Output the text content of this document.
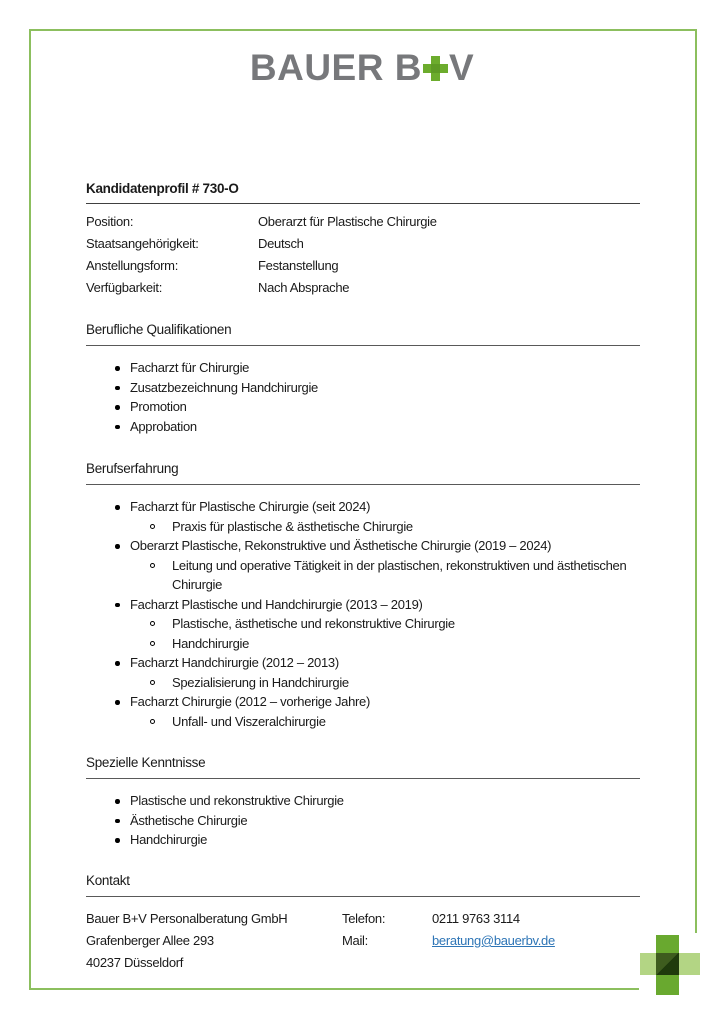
BAUER B V
Kandidatenprofil # 730-O
Position:	Oberarzt für Plastische Chirurgie
Staatsangehörigkeit:	Deutsch
Anstellungsform:	Festanstellung
Verfügbarkeit:	Nach Absprache
Berufliche Qualifikationen
Facharzt für Chirurgie
Zusatzbezeichnung Handchirurgie
Promotion
Approbation
Berufserfahrung
Facharzt für Plastische Chirurgie (seit 2024)
Praxis für plastische & ästhetische Chirurgie
Oberarzt Plastische, Rekonstruktive und Ästhetische Chirurgie (2019 – 2024)
Leitung und operative Tätigkeit in der plastischen, rekonstruktiven und ästhetischen Chirurgie
Facharzt Plastische und Handchirurgie (2013 – 2019)
Plastische, ästhetische und rekonstruktive Chirurgie
Handchirurgie
Facharzt Handchirurgie (2012 – 2013)
Spezialisierung in Handchirurgie
Facharzt Chirurgie (2012 – vorherige Jahre)
Unfall- und Viszeralchirurgie
Spezielle Kenntnisse
Plastische und rekonstruktive Chirurgie
Ästhetische Chirurgie
Handchirurgie
Kontakt
Bauer B+V Personalberatung GmbH
Grafenberger Allee 293
40237 Düsseldorf
Telefon:	0211 9763 3114
Mail:	beratung@bauerbv.de
